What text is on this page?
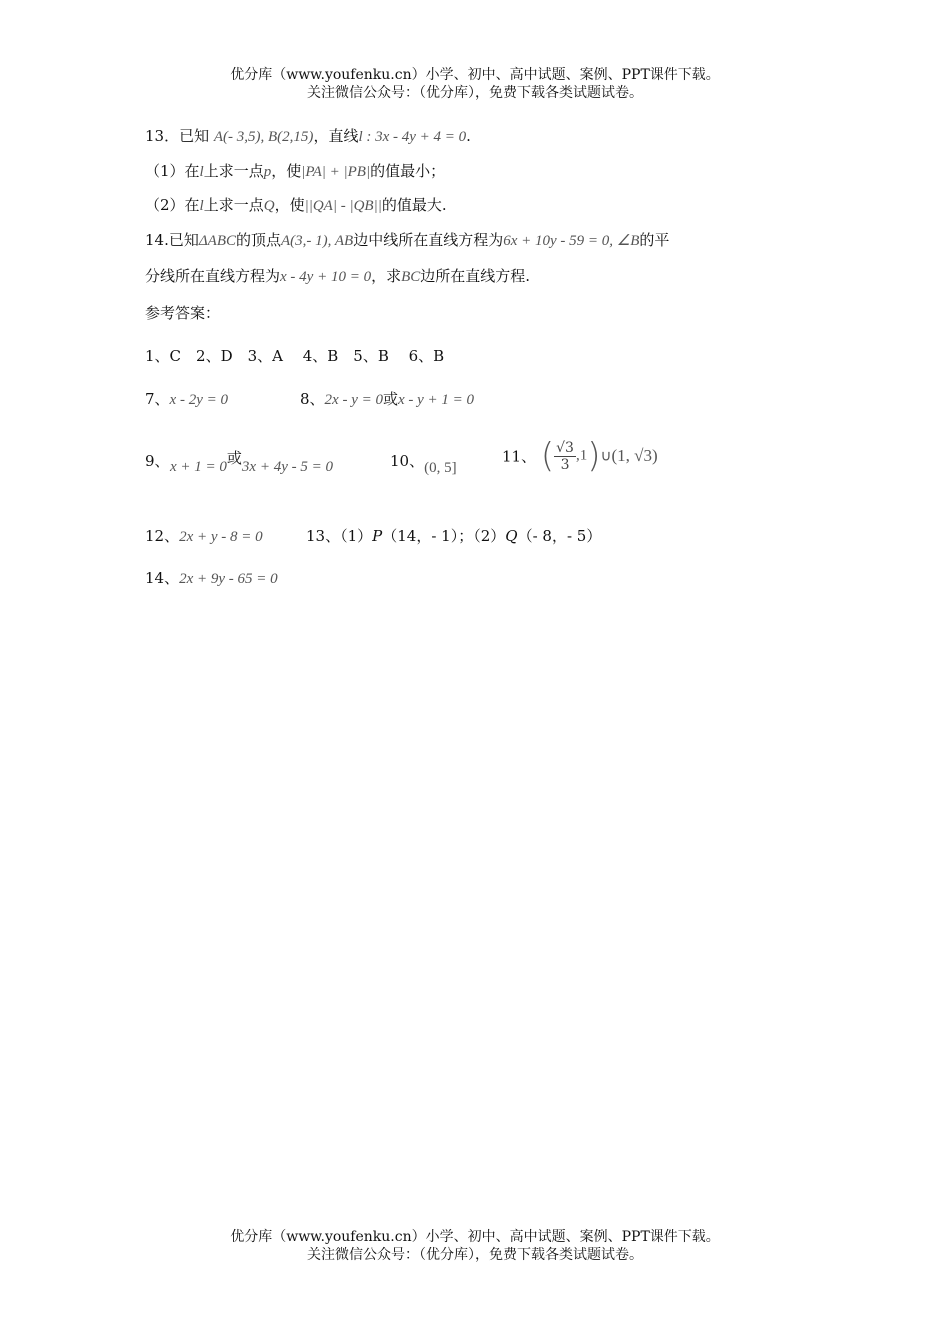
优分库（www.youfenku.cn）小学、初中、高中试题、案例、PPT课件下载。
关注微信公众号：（优分库），免费下载各类试题试卷。
13．已知 A(- 3,5), B(2,15)，直线l : 3x - 4y + 4 = 0.
（1）在l上求一点p，使|PA| + |PB|的值最小；
（2）在l上求一点Q，使||QA| - |QB||的值最大.
14.已知ΔABC的顶点A(3,- 1), AB边中线所在直线方程为6x + 10y - 59 = 0, ∠B的平
分线所在直线方程为x - 4y + 10 = 0，求BC边所在直线方程.
参考答案：
1、C　2、D　3、A　 4、B　5、B　 6、B
7、x - 2y = 0	8、2x - y = 0或x - y + 1 = 0
9、 x + 1 = 0或3x + 4y - 5 = 0	10、(0, 5]
11、 ( $\frac{√3}{3}$ ,1)∪(1, √3)
12、2x + y - 8 = 0	13、（1）P（14，- 1）；（2）Q（- 8，- 5）
14、2x + 9y - 65 = 0
优分库（www.youfenku.cn）小学、初中、高中试题、案例、PPT课件下载。
关注微信公众号：（优分库），免费下载各类试题试卷。
